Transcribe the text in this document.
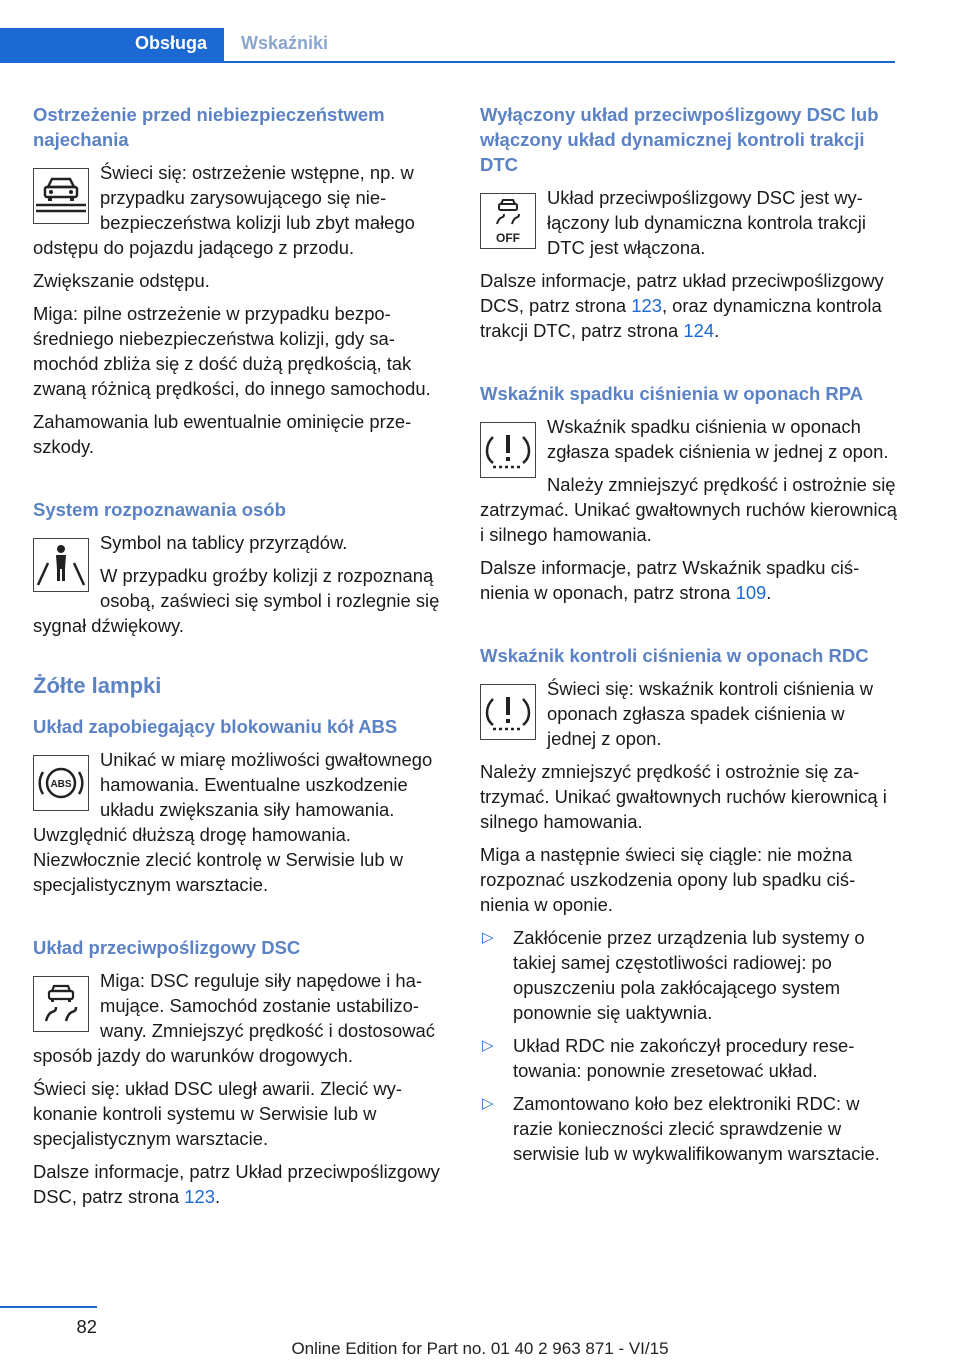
Obsługa	Wskaźniki
Ostrzeżenie przed niebiezpieczeństwem najechania

Świeci się: ostrzeżenie wstępne, np. w przypadku zarysowującego się niebezpieczeństwa kolizji lub zbyt małego odstępu do pojazdu jadącego z przodu.

Zwiększanie odstępu.

Miga: pilne ostrzeżenie w przypadku bezpośredniego niebezpieczeństwa kolizji, gdy samochód zbliża się z dość dużą prędkością, tak zwaną różnicą prędkości, do innego samochodu.

Zahamowania lub ewentualnie ominięcie przeszkody.

System rozpoznawania osób

Symbol na tablicy przyrządów.

W przypadku groźby kolizji z rozpoznaną osobą, zaświeci się symbol i rozlegnie się sygnał dźwiękowy.

Żółte lampki
Układ zapobiegający blokowaniu kół ABS
ABS

Unikać w miarę możliwości gwałtownego hamowania. Ewentualne uszkodzenie układu zwiększania siły hamowania. Uwzględnić dłuższą drogę hamowania. Niezwłocznie zlecić kontrolę w Serwisie lub w specjalistycznym warsztacie.

Układ przeciwpoślizgowy DSC

Miga: DSC reguluje siły napędowe i hamujące. Samochód zostanie ustabilizowany. Zmniejszyć prędkość i dostosować sposób jazdy do warunków drogowych.

Świeci się: układ DSC uległ awarii. Zlecić wykonanie kontroli systemu w Serwisie lub w specjalistycznym warsztacie.

Dalsze informacje, patrz Układ przeciwpoślizgowy DSC, patrz strona 123.

Wyłączony układ przeciwpoślizgowy DSC lub włączony układ dynamicznej kontroli trakcji DTC
OFF

Układ przeciwpoślizgowy DSC jest wyłączony lub dynamiczna kontrola trakcji DTC jest włączona.

Dalsze informacje, patrz układ przeciwpoślizgowy DCS, patrz strona 123, oraz dynamiczna kontrola trakcji DTC, patrz strona 124.

Wskaźnik spadku ciśnienia w oponach RPA

Wskaźnik spadku ciśnienia w oponach zgłasza spadek ciśnienia w jednej z opon.

Należy zmniejszyć prędkość i ostrożnie się zatrzymać. Unikać gwałtownych ruchów kierownicą i silnego hamowania.

Dalsze informacje, patrz Wskaźnik spadku ciśnienia w oponach, patrz strona 109.

Wskaźnik kontroli ciśnienia w oponach RDC

Świeci się: wskaźnik kontroli ciśnienia w oponach zgłasza spadek ciśnienia w jednej z opon.

Należy zmniejszyć prędkość i ostrożnie się zatrzymać. Unikać gwałtownych ruchów kierownicą i silnego hamowania.

Miga a następnie świeci się ciągle: nie można rozpoznać uszkodzenia opony lub spadku ciśnienia w oponie.

▷ Zakłócenie przez urządzenia lub systemy o takiej samej częstotliwości radiowej: po opuszczeniu pola zakłócającego system ponownie się uaktywnia.
▷ Układ RDC nie zakończył procedury resetowania: ponownie zresetować układ.
▷ Zamontowano koło bez elektroniki RDC: w razie konieczności zlecić sprawdzenie w serwisie lub w wykwalifikowanym warsztacie.
82
Online Edition for Part no. 01 40 2 963 871 - VI/15
